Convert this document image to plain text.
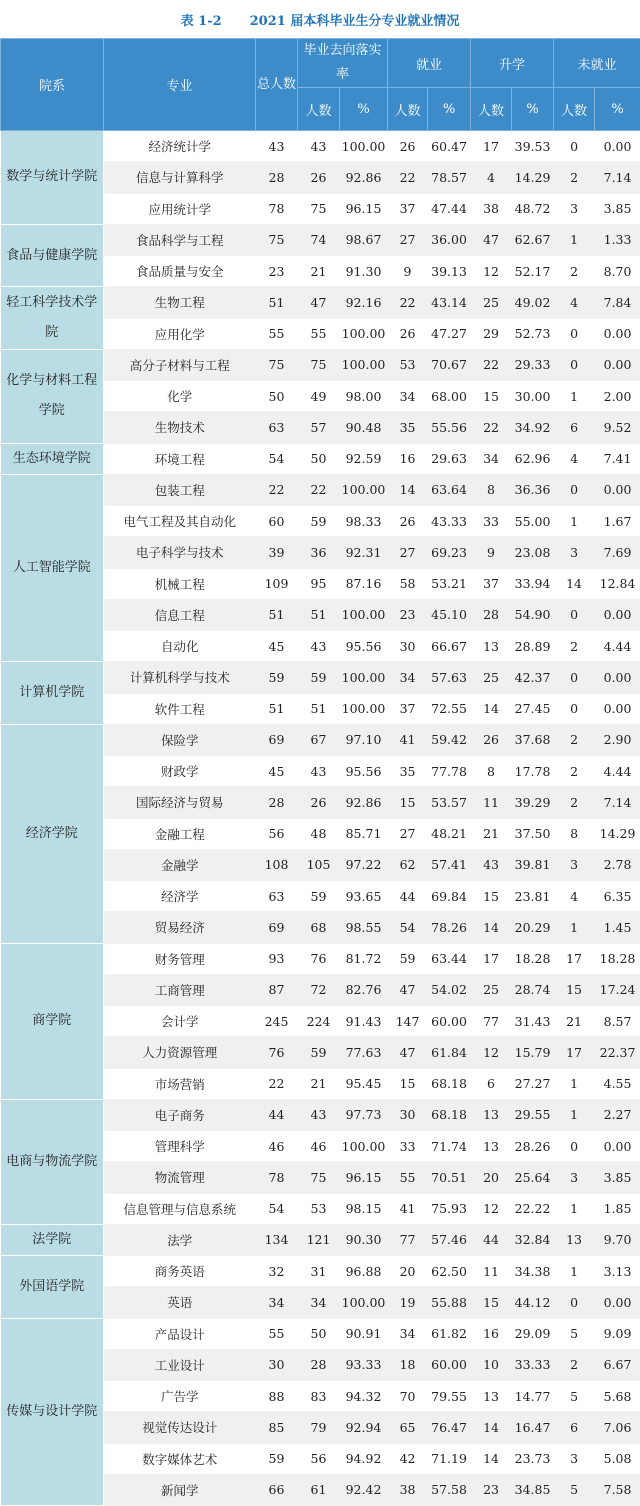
表 1-2 2021 届本科毕业生分专业就业情况
院系	专业	总人数	毕业去向落实率		就业		升学		未就业	
			人数	%	人数	%	人数	%	人数	%
数学与统计学院	经济统计学	43	43	100.00	26	60.47	17	39.53	0	0.00
	信息与计算科学	28	26	92.86	22	78.57	4	14.29	2	7.14
	应用统计学	78	75	96.15	37	47.44	38	48.72	3	3.85
食品与健康学院	食品科学与工程	75	74	98.67	27	36.00	47	62.67	1	1.33
	食品质量与安全	23	21	91.30	9	39.13	12	52.17	2	8.70
轻工科学技术学院	生物工程	51	47	92.16	22	43.14	25	49.02	4	7.84
	应用化学	55	55	100.00	26	47.27	29	52.73	0	0.00
化学与材料工程学院	高分子材料与工程	75	75	100.00	53	70.67	22	29.33	0	0.00
	化学	50	49	98.00	34	68.00	15	30.00	1	2.00
	生物技术	63	57	90.48	35	55.56	22	34.92	6	9.52
生态环境学院	环境工程	54	50	92.59	16	29.63	34	62.96	4	7.41
人工智能学院	包装工程	22	22	100.00	14	63.64	8	36.36	0	0.00
	电气工程及其自动化	60	59	98.33	26	43.33	33	55.00	1	1.67
	电子科学与技术	39	36	92.31	27	69.23	9	23.08	3	7.69
	机械工程	109	95	87.16	58	53.21	37	33.94	14	12.84
	信息工程	51	51	100.00	23	45.10	28	54.90	0	0.00
	自动化	45	43	95.56	30	66.67	13	28.89	2	4.44
计算机学院	计算机科学与技术	59	59	100.00	34	57.63	25	42.37	0	0.00
	软件工程	51	51	100.00	37	72.55	14	27.45	0	0.00
经济学院	保险学	69	67	97.10	41	59.42	26	37.68	2	2.90
	财政学	45	43	95.56	35	77.78	8	17.78	2	4.44
	国际经济与贸易	28	26	92.86	15	53.57	11	39.29	2	7.14
	金融工程	56	48	85.71	27	48.21	21	37.50	8	14.29
	金融学	108	105	97.22	62	57.41	43	39.81	3	2.78
	经济学	63	59	93.65	44	69.84	15	23.81	4	6.35
	贸易经济	69	68	98.55	54	78.26	14	20.29	1	1.45
商学院	财务管理	93	76	81.72	59	63.44	17	18.28	17	18.28
	工商管理	87	72	82.76	47	54.02	25	28.74	15	17.24
	会计学	245	224	91.43	147	60.00	77	31.43	21	8.57
	人力资源管理	76	59	77.63	47	61.84	12	15.79	17	22.37
	市场营销	22	21	95.45	15	68.18	6	27.27	1	4.55
电商与物流学院	电子商务	44	43	97.73	30	68.18	13	29.55	1	2.27
	管理科学	46	46	100.00	33	71.74	13	28.26	0	0.00
	物流管理	78	75	96.15	55	70.51	20	25.64	3	3.85
	信息管理与信息系统	54	53	98.15	41	75.93	12	22.22	1	1.85
法学院	法学	134	121	90.30	77	57.46	44	32.84	13	9.70
外国语学院	商务英语	32	31	96.88	20	62.50	11	34.38	1	3.13
	英语	34	34	100.00	19	55.88	15	44.12	0	0.00
传媒与设计学院	产品设计	55	50	90.91	34	61.82	16	29.09	5	9.09
	工业设计	30	28	93.33	18	60.00	10	33.33	2	6.67
	广告学	88	83	94.32	70	79.55	13	14.77	5	5.68
	视觉传达设计	85	79	92.94	65	76.47	14	16.47	6	7.06
	数字媒体艺术	59	56	94.92	42	71.19	14	23.73	3	5.08
	新闻学	66	61	92.42	38	57.58	23	34.85	5	7.58
